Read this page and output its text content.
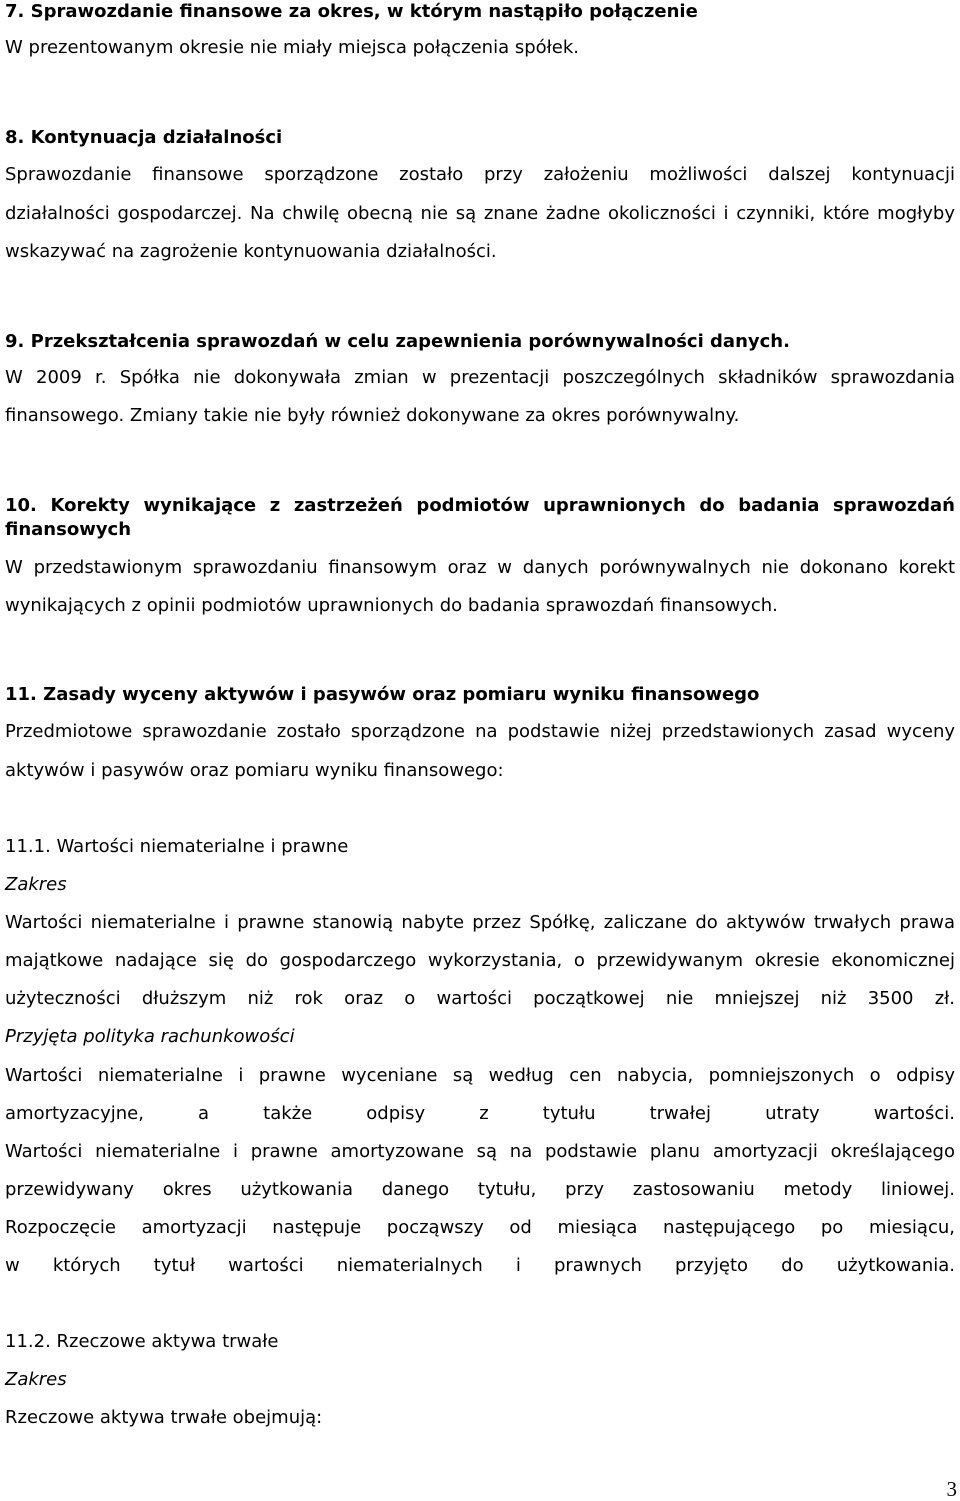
7. Sprawozdanie finansowe za okres, w którym nastąpiło połączenie
W prezentowanym okresie nie miały miejsca połączenia spółek.
8. Kontynuacja działalności
Sprawozdanie finansowe sporządzone zostało przy założeniu możliwości dalszej kontynuacji
działalności gospodarczej. Na chwilę obecną nie są znane żadne okoliczności i czynniki, które mogłyby
wskazywać na zagrożenie kontynuowania działalności.
9. Przekształcenia sprawozdań w celu zapewnienia porównywalności danych.
W 2009 r. Spółka nie dokonywała zmian w prezentacji poszczególnych składników sprawozdania
finansowego. Zmiany takie nie były również dokonywane za okres porównywalny.
10. Korekty wynikające z zastrzeżeń podmiotów uprawnionych do badania sprawozdań
finansowych
W przedstawionym sprawozdaniu finansowym oraz w danych porównywalnych nie dokonano korekt
wynikających z opinii podmiotów uprawnionych do badania sprawozdań finansowych.
11. Zasady wyceny aktywów i pasywów oraz pomiaru wyniku finansowego
Przedmiotowe sprawozdanie zostało sporządzone na podstawie niżej przedstawionych zasad wyceny
aktywów i pasywów oraz pomiaru wyniku finansowego:
11.1. Wartości niematerialne i prawne
Zakres
Wartości niematerialne i prawne stanowią nabyte przez Spółkę, zaliczane do aktywów trwałych prawa
majątkowe nadające się do gospodarczego wykorzystania, o przewidywanym okresie ekonomicznej
użyteczności dłuższym niż rok oraz o wartości początkowej nie mniejszej niż 3500 zł.
Przyjęta polityka rachunkowości
Wartości niematerialne i prawne wyceniane są według cen nabycia, pomniejszonych o odpisy
amortyzacyjne, a także odpisy z tytułu trwałej utraty wartości.
Wartości niematerialne i prawne amortyzowane są na podstawie planu amortyzacji określającego
przewidywany okres użytkowania danego tytułu, przy zastosowaniu metody liniowej.
Rozpoczęcie amortyzacji następuje począwszy od miesiąca następującego po miesiącu,
w których tytuł wartości niematerialnych i prawnych przyjęto do użytkowania.
11.2. Rzeczowe aktywa trwałe
Zakres
Rzeczowe aktywa trwałe obejmują:
3
